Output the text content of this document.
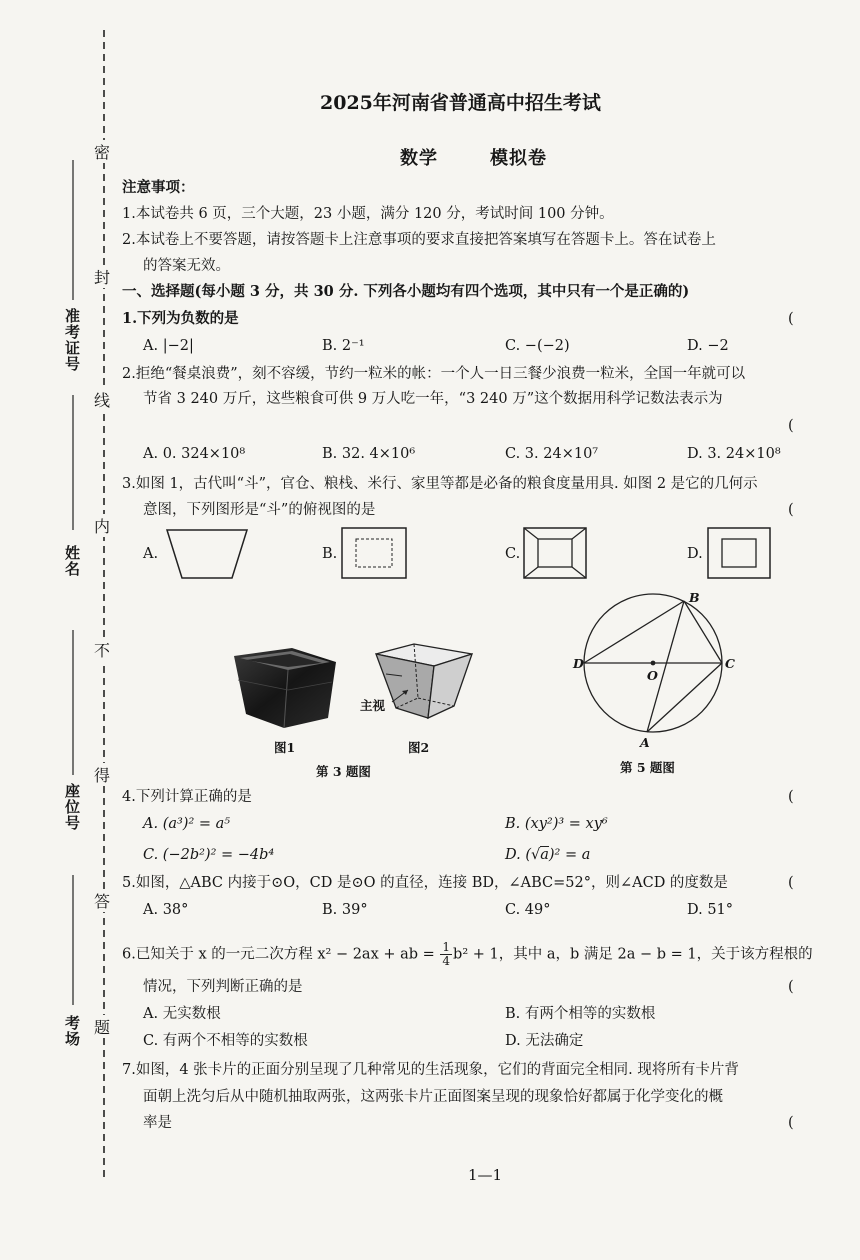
密
封
线
内
不
得
答
题
准考证号
姓名
座位号
考场
2025年河南省普通高中招生考试
数学	模拟卷
注意事项：
1.本试卷共 6 页，三个大题，23 小题，满分 120 分，考试时间 100 分钟。
2.本试卷上不要答题，请按答题卡上注意事项的要求直接把答案填写在答题卡上。答在试卷上
的答案无效。
一、选择题(每小题 3 分，共 30 分. 下列各小题均有四个选项，其中只有一个是正确的)
1.下列为负数的是	(
A. |−2|	B. 2⁻¹	C. −(−2)	D. −2
2.拒绝“餐桌浪费”，刻不容缓，节约一粒米的帐：一个人一日三餐少浪费一粒米，全国一年就可以
节省 3 240 万斤，这些粮食可供 9 万人吃一年，“3 240 万”这个数据用科学记数法表示为
(
A. 0. 324×10⁸	B. 32. 4×10⁶	C. 3. 24×10⁷	D. 3. 24×10⁸
3.如图 1，古代叫“斗”，官仓、粮栈、米行、家里等都是必备的粮食度量用具. 如图 2 是它的几何示
意图，下列图形是“斗”的俯视图的是	(
A.	B.	C.	D.
图1
主视
图2
第 3 题图
B
D
O
C
A
第 5 题图
4.下列计算正确的是	(
A. (a³)² = a⁵	B. (xy²)³ = xy⁶
C. (−2b²)² = −4b⁴	D. (√a)² = a
5.如图，△ABC 内接于⊙O，CD 是⊙O 的直径，连接 BD，∠ABC=52°，则∠ACD 的度数是	(
A. 38°	B. 39°	C. 49°	D. 51°
6.已知关于 x 的一元二次方程 x² − 2ax + ab = $\frac{1}{4} b^2 + 1$，其中 a，b 满足 2a − b = 1，关于该方程根的
情况，下列判断正确的是	(
A. 无实数根	B. 有两个相等的实数根
C. 有两个不相等的实数根	D. 无法确定
7.如图，4 张卡片的正面分别呈现了几种常见的生活现象，它们的背面完全相同. 现将所有卡片背
面朝上洗匀后从中随机抽取两张，这两张卡片正面图案呈现的现象恰好都属于化学变化的概
率是	(
1—1
